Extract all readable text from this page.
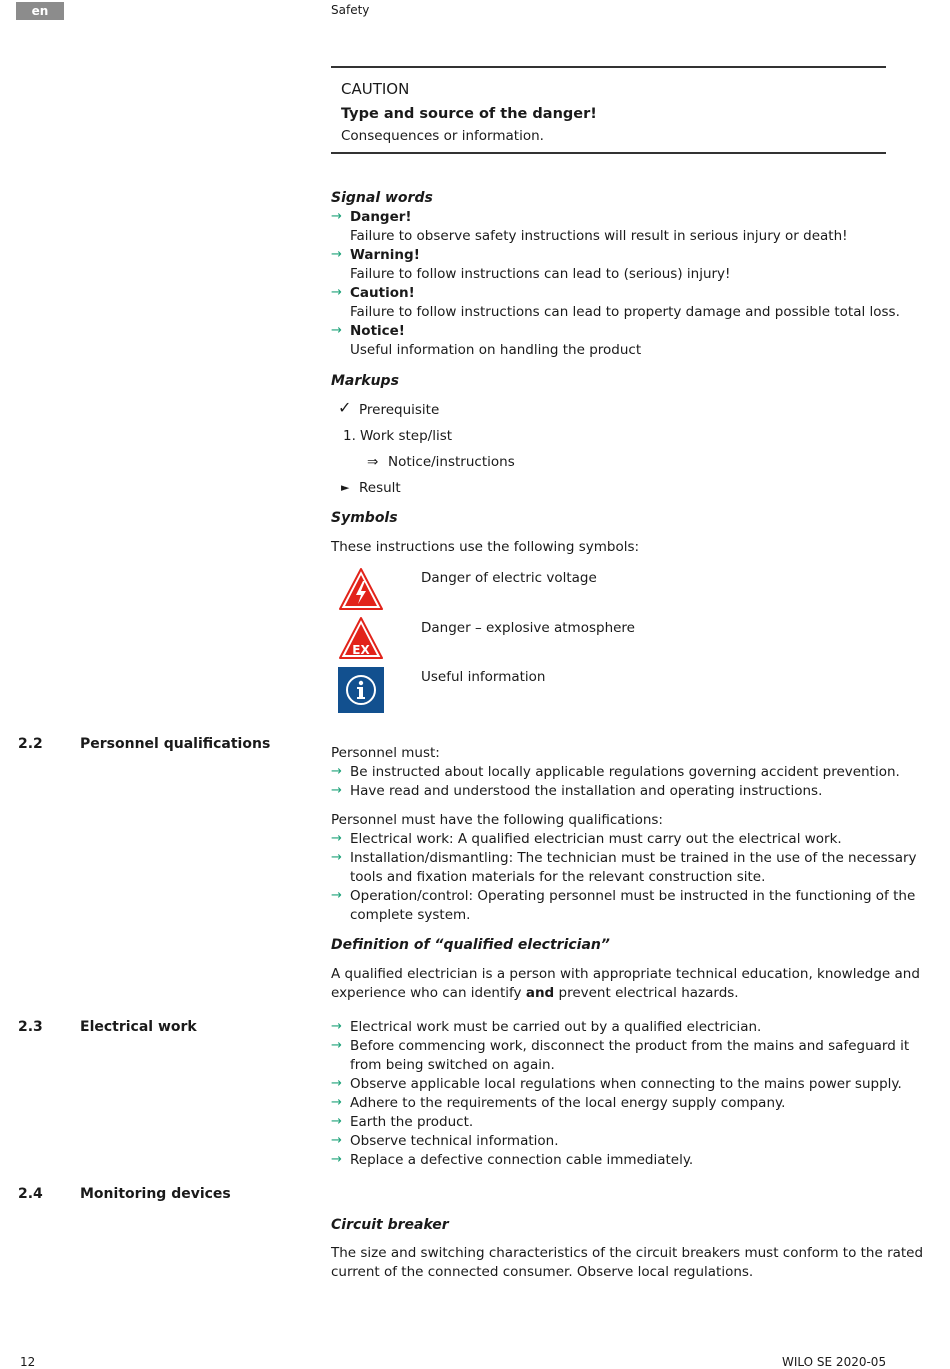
en	Safety
CAUTION
Type and source of the danger!
Consequences or information.
Signal words
→ Danger!
Failure to observe safety instructions will result in serious injury or death!
→ Warning!
Failure to follow instructions can lead to (serious) injury!
→ Caution!
Failure to follow instructions can lead to property damage and possible total loss.
→ Notice!
Useful information on handling the product
Markups
✓ Prerequisite
1. Work step/list
⇒ Notice/instructions
► Result
Symbols
These instructions use the following symbols:
Danger of electric voltage
EX
Danger – explosive atmosphere
Useful information
2.2	Personnel qualifications
Personnel must:
→ Be instructed about locally applicable regulations governing accident prevention.
→ Have read and understood the installation and operating instructions.
Personnel must have the following qualifications:
→ Electrical work: A qualified electrician must carry out the electrical work.
→ Installation/dismantling: The technician must be trained in the use of the necessary
tools and fixation materials for the relevant construction site.
→ Operation/control: Operating personnel must be instructed in the functioning of the
complete system.
Definition of “qualified electrician”
A qualified electrician is a person with appropriate technical education, knowledge and
experience who can identify and prevent electrical hazards.
2.3	Electrical work	→ Electrical work must be carried out by a qualified electrician.
→ Before commencing work, disconnect the product from the mains and safeguard it
from being switched on again.
→ Observe applicable local regulations when connecting to the mains power supply.
→ Adhere to the requirements of the local energy supply company.
→ Earth the product.
→ Observe technical information.
→ Replace a defective connection cable immediately.
2.4	Monitoring devices
Circuit breaker
The size and switching characteristics of the circuit breakers must conform to the rated
current of the connected consumer. Observe local regulations.
12	WILO SE 2020-05
